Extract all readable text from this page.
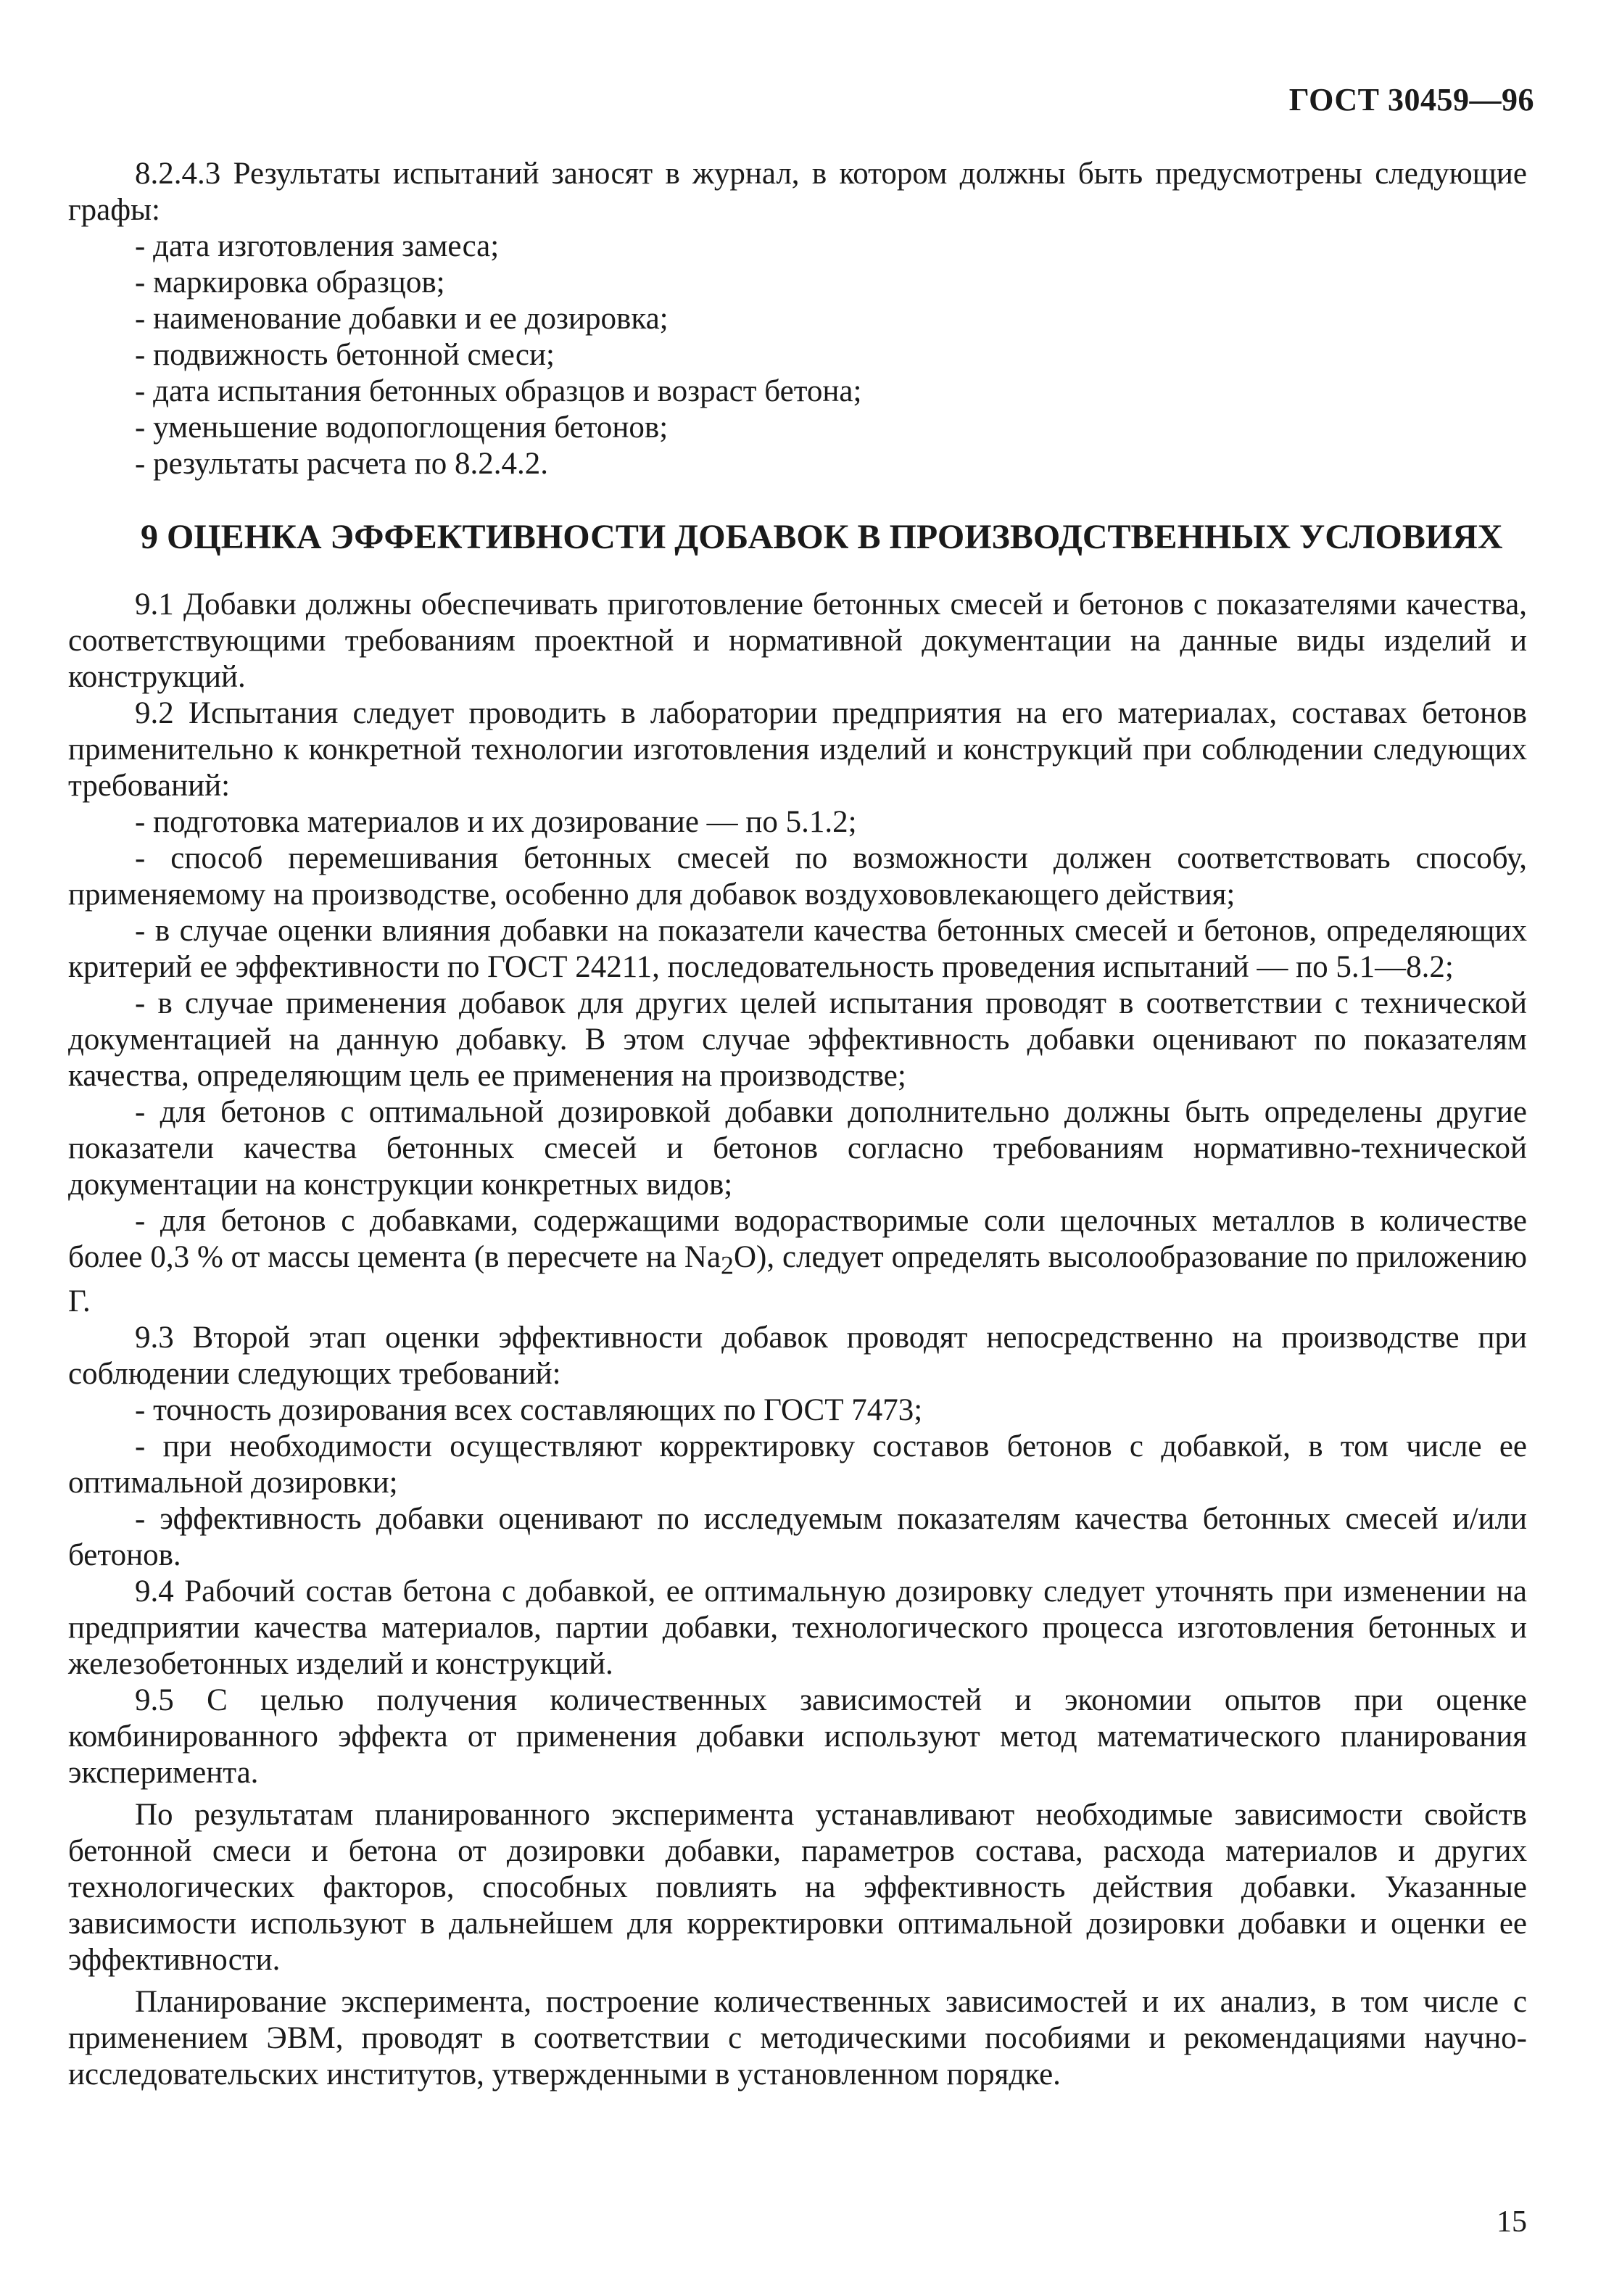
ГОСТ 30459—96

8.2.4.3 Результаты испытаний заносят в журнал, в котором должны быть предусмотрены следующие графы:

- дата изготовления замеса;

- маркировка образцов;

- наименование добавки и ее дозировка;

- подвижность бетонной смеси;

- дата испытания бетонных образцов и возраст бетона;

- уменьшение водопоглощения бетонов;

- результаты расчета по 8.2.4.2.

9 ОЦЕНКА ЭФФЕКТИВНОСТИ ДОБАВОК В ПРОИЗВОДСТВЕННЫХ УСЛОВИЯХ

9.1 Добавки должны обеспечивать приготовление бетонных смесей и бетонов с показателями качества, соответствующими требованиям проектной и нормативной документации на данные виды изделий и конструкций.

9.2 Испытания следует проводить в лаборатории предприятия на его материалах, составах бетонов применительно к конкретной технологии изготовления изделий и конструкций при соблюдении следующих требований:

- подготовка материалов и их дозирование — по 5.1.2;

- способ перемешивания бетонных смесей по возможности должен соответствовать способу, применяемому на производстве, особенно для добавок воздухововлекающего действия;

- в случае оценки влияния добавки на показатели качества бетонных смесей и бетонов, определяющих критерий ее эффективности по ГОСТ 24211, последовательность проведения испытаний — по 5.1—8.2;

- в случае применения добавок для других целей испытания проводят в соответствии с технической документацией на данную добавку. В этом случае эффективность добавки оценивают по показателям качества, определяющим цель ее применения на производстве;

- для бетонов с оптимальной дозировкой добавки дополнительно должны быть определены другие показатели качества бетонных смесей и бетонов согласно требованиям нормативно-технической документации на конструкции конкретных видов;

- для бетонов с добавками, содержащими водорастворимые соли щелочных металлов в количестве более 0,3 % от массы цемента (в пересчете на $Na_2O$), следует определять высолообразование по приложению Г.

9.3 Второй этап оценки эффективности добавок проводят непосредственно на производстве при соблюдении следующих требований:

- точность дозирования всех составляющих по ГОСТ 7473;

- при необходимости осуществляют корректировку составов бетонов с добавкой, в том числе ее оптимальной дозировки;

- эффективность добавки оценивают по исследуемым показателям качества бетонных смесей и/или бетонов.

9.4 Рабочий состав бетона с добавкой, ее оптимальную дозировку следует уточнять при изменении на предприятии качества материалов, партии добавки, технологического процесса изготовления бетонных и железобетонных изделий и конструкций.

9.5 С целью получения количественных зависимостей и экономии опытов при оценке комбинированного эффекта от применения добавки используют метод математического планирования эксперимента.

По результатам планированного эксперимента устанавливают необходимые зависимости свойств бетонной смеси и бетона от дозировки добавки, параметров состава, расхода материалов и других технологических факторов, способных повлиять на эффективность действия добавки. Указанные зависимости используют в дальнейшем для корректировки оптимальной дозировки добавки и оценки ее эффективности.

Планирование эксперимента, построение количественных зависимостей и их анализ, в том числе с применением ЭВМ, проводят в соответствии с методическими пособиями и рекомендациями научно-исследовательских институтов, утвержденными в установленном порядке.

15
